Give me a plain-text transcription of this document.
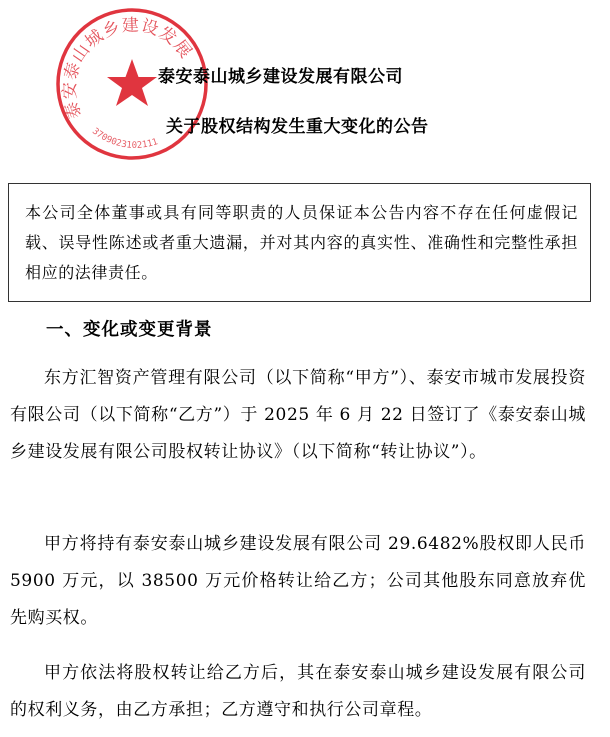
泰安泰山城乡建设发展
3709023102111
泰安泰山城乡建设发展有限公司
关于股权结构发生重大变化的公告
本公司全体董事或具有同等职责的人员保证本公告内容不存在任何虚假记载、误导性陈述或者重大遗漏，并对其内容的真实性、准确性和完整性承担相应的法律责任。
一、变化或变更背景

东方汇智资产管理有限公司（以下简称“甲方”）、泰安市城市发展投资有限公司（以下简称“乙方”）于 2025 年 6 月 22 日签订了《泰安泰山城乡建设发展有限公司股权转让协议》（以下简称“转让协议”）。

甲方将持有泰安泰山城乡建设发展有限公司 29.6482%股权即人民币 5900 万元，以 38500 万元价格转让给乙方；公司其他股东同意放弃优先购买权。

甲方依法将股权转让给乙方后，其在泰安泰山城乡建设发展有限公司的权利义务，由乙方承担；乙方遵守和执行公司章程。
